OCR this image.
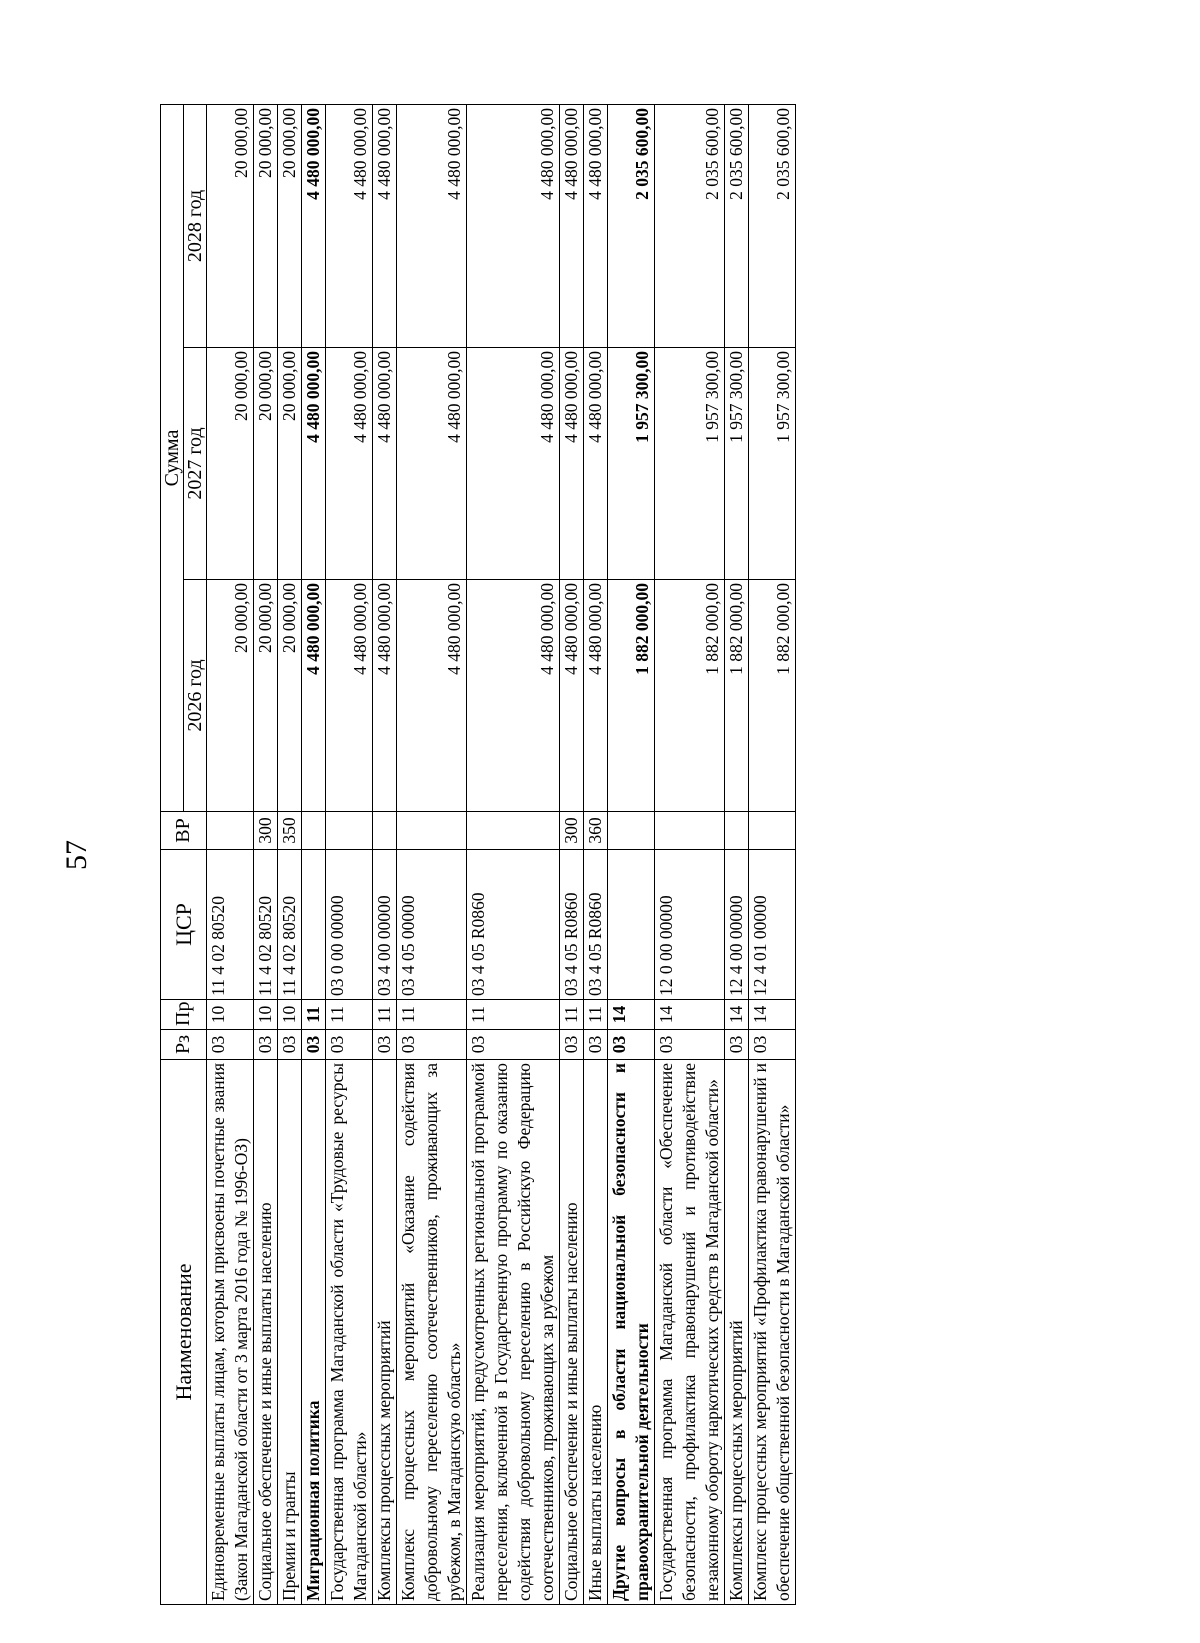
57
Наименование	Рз	Пр	ЦСР	ВР	Сумма		
					2026 год	2027 год	2028 год
Единовременные выплаты лицам, которым присвоены почетные звания (Закон Магаданской области от 3 марта 2016 года № 1996-ОЗ)	03	10	11 4 02 80520		20 000,00	20 000,00	20 000,00
Социальное обеспечение и иные выплаты населению	03	10	11 4 02 80520	300	20 000,00	20 000,00	20 000,00
Премии и гранты	03	10	11 4 02 80520	350	20 000,00	20 000,00	20 000,00
Миграционная политика	03	11			4 480 000,00	4 480 000,00	4 480 000,00
Государственная программа Магаданской области «Трудовые ресурсы Магаданской области»	03	11	03 0 00 00000		4 480 000,00	4 480 000,00	4 480 000,00
Комплексы процессных мероприятий	03	11	03 4 00 00000		4 480 000,00	4 480 000,00	4 480 000,00
Комплекс процессных мероприятий «Оказание содействия добровольному переселению соотечественников, проживающих за рубежом, в Магаданскую область»	03	11	03 4 05 00000		4 480 000,00	4 480 000,00	4 480 000,00
Реализация мероприятий, предусмотренных региональной программой переселения, включенной в Государственную программу по оказанию содействия добровольному переселению в Российскую Федерацию соотечественников, проживающих за рубежом	03	11	03 4 05 R0860		4 480 000,00	4 480 000,00	4 480 000,00
Социальное обеспечение и иные выплаты населению	03	11	03 4 05 R0860	300	4 480 000,00	4 480 000,00	4 480 000,00
Иные выплаты населению	03	11	03 4 05 R0860	360	4 480 000,00	4 480 000,00	4 480 000,00
Другие вопросы в области национальной безопасности и правоохранительной деятельности	03	14			1 882 000,00	1 957 300,00	2 035 600,00
Государственная программа Магаданской области «Обеспечение безопасности, профилактика правонарушений и противодействие незаконному обороту наркотических средств в Магаданской области»	03	14	12 0 00 00000		1 882 000,00	1 957 300,00	2 035 600,00
Комплексы процессных мероприятий	03	14	12 4 00 00000		1 882 000,00	1 957 300,00	2 035 600,00
Комплекс процессных мероприятий «Профилактика правонарушений и обеспечение общественной безопасности в Магаданской области»	03	14	12 4 01 00000		1 882 000,00	1 957 300,00	2 035 600,00
